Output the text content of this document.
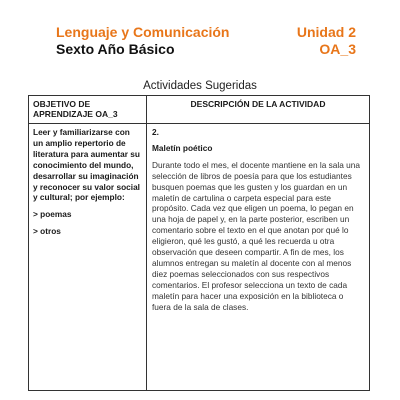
Lenguaje y Comunicación	Unidad 2
Sexto Año Básico	OA_3
Actividades Sugeridas
OBJETIVO DE APRENDIZAJE OA_3
DESCRIPCIÓN DE LA ACTIVIDAD

Leer y familiarizarse con un amplio repertorio de literatura para aumentar su conocimiento del mundo, desarrollar su imaginación y reconocer su valor social y cultural; por ejemplo:

> poemas

> otros

2.

Maletín poético

Durante todo el mes, el docente mantiene en la sala una selección de libros de poesía para que los estudiantes busquen poemas que les gusten y los guardan en un maletín de cartulina o carpeta especial para este propósito. Cada vez que eligen un poema, lo pegan en una hoja de papel y, en la parte posterior, escriben un comentario sobre el texto en el que anotan por qué lo eligieron, qué les gustó, a qué les recuerda u otra observación que deseen compartir. A fin de mes, los alumnos entregan su maletín al docente con al menos diez poemas seleccionados con sus respectivos comentarios. El profesor selecciona un texto de cada maletín para hacer una exposición en la biblioteca o fuera de la sala de clases.
